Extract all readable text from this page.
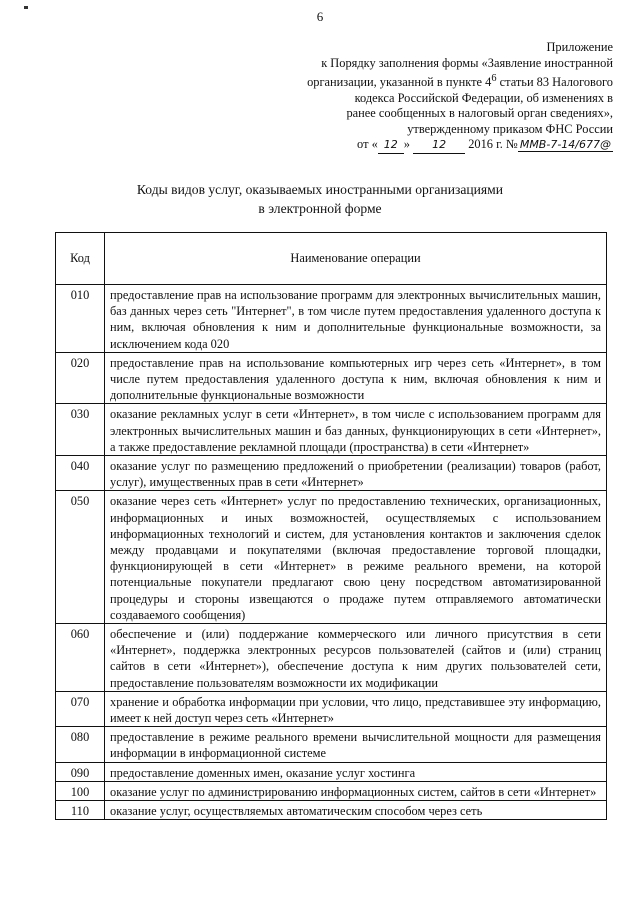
6
Приложение
к Порядку заполнения формы «Заявление иностранной
организации, указанной в пункте $4^6$ статьи 83 Налогового
кодекса Российской Федерации, об изменениях в
ранее сообщенных в налоговый орган сведениях»,
утвержденному приказом ФНС России
от « 12 » 12 2016 г. № ММВ-7-14/677@
Коды видов услуг, оказываемых иностранными организациями
в электронной форме
Код	Наименование операции
010	предоставление прав на использование программ для электронных вычислительных машин, баз данных через сеть "Интернет", в том числе путем предоставления удаленного доступа к ним, включая обновления к ним и дополнительные функциональные возможности, за исключением кода 020
020	предоставление прав на использование компьютерных игр через сеть «Интернет», в том числе путем предоставления удаленного доступа к ним, включая обновления к ним и дополнительные функциональные возможности
030	оказание рекламных услуг в сети «Интернет», в том числе с использованием программ для электронных вычислительных машин и баз данных, функционирующих в сети «Интернет», а также предоставление рекламной площади (пространства) в сети «Интернет»
040	оказание услуг по размещению предложений о приобретении (реализации) товаров (работ, услуг), имущественных прав в сети «Интернет»
050	оказание через сеть «Интернет» услуг по предоставлению технических, организационных, информационных и иных возможностей, осуществляемых с использованием информационных технологий и систем, для установления контактов и заключения сделок между продавцами и покупателями (включая предоставление торговой площадки, функционирующей в сети «Интернет» в режиме реального времени, на которой потенциальные покупатели предлагают свою цену посредством автоматизированной процедуры и стороны извещаются о продаже путем отправляемого автоматически создаваемого сообщения)
060	обеспечение и (или) поддержание коммерческого или личного присутствия в сети «Интернет», поддержка электронных ресурсов пользователей (сайтов и (или) страниц сайтов в сети «Интернет»), обеспечение доступа к ним других пользователей сети, предоставление пользователям возможности их модификации
070	хранение и обработка информации при условии, что лицо, представившее эту информацию, имеет к ней доступ через сеть «Интернет»
080	предоставление в режиме реального времени вычислительной мощности для размещения информации в информационной системе
090	предоставление доменных имен, оказание услуг хостинга
100	оказание услуг по администрированию информационных систем, сайтов в сети «Интернет»
110	оказание услуг, осуществляемых автоматическим способом через сеть
